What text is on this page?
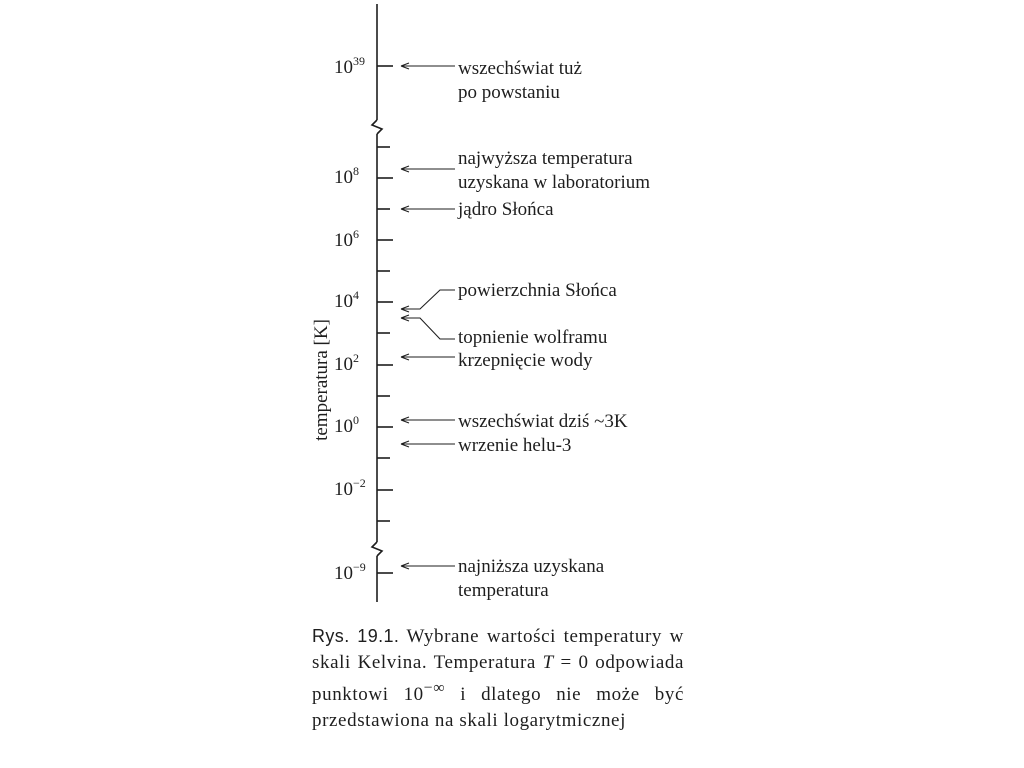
temperatura [K]
$10^{39}$
$10^8$
$10^6$
$10^4$
$10^2$
$10^0$
$10^{-2}$
$10^{-9}$
wszechświat tuż po powstaniu
najwyższa temperatura uzyskana w laboratorium
jądro Słońca
powierzchnia Słońca
topnienie wolframu
krzepnięcie wody
wszechświat dziś ~3K
wrzenie helu-3
najniższa uzyskana temperatura
Rys. 19.1. Wybrane wartości temperatury w skali Kelvina. Temperatura T = 0 odpowiada punktowi 10−∞ i dlatego nie może być przedstawiona na skali logarytmicznej
